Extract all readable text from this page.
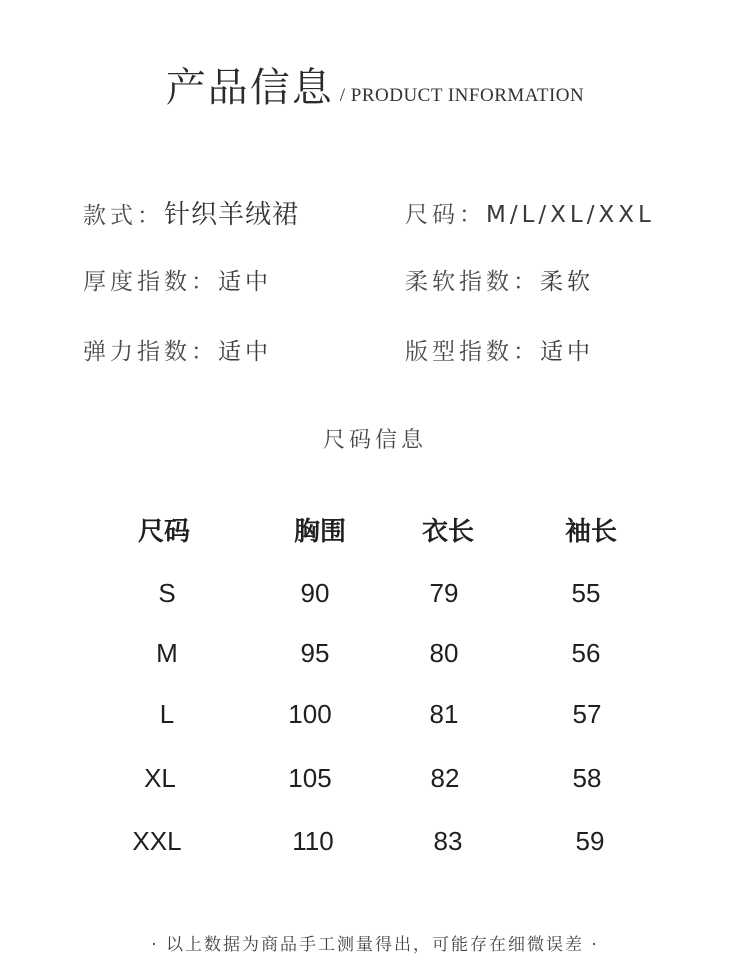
产品信息 / PRODUCT INFORMATION
款式：针织羊绒裙	尺码：M/L/XL/XXL
厚度指数：适中	柔软指数：柔软
弹力指数：适中	版型指数：适中
尺码信息
尺码	胸围	衣长	袖长
S	90	79	55
M	95	80	56
L	100	81	57
XL	105	82	58
XXL	110	83	59
· 以上数据为商品手工测量得出，可能存在细微误差 ·
